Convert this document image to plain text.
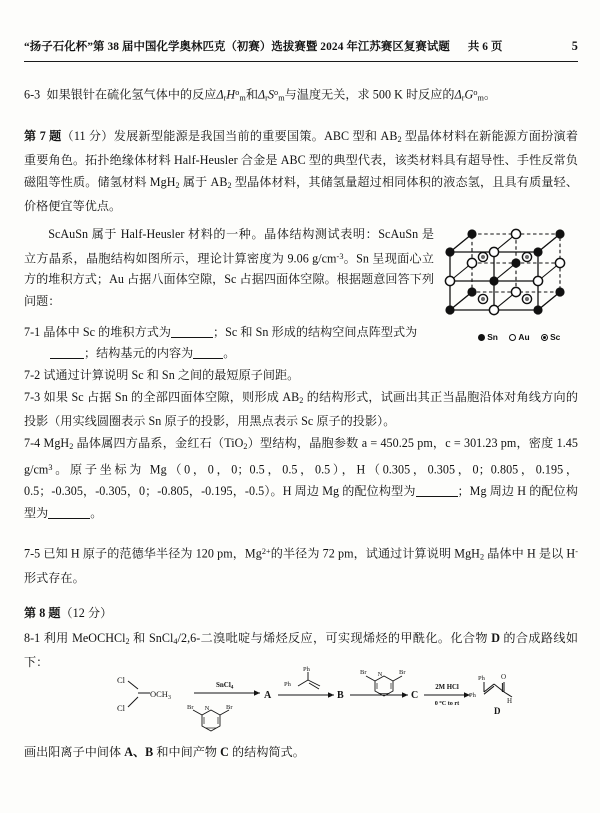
“扬子石化杯”第 38 届中国化学奥林匹克（初赛）选拔赛暨 2024 年江苏赛区复赛试题 共 6 页	5

6-3 如果银针在硫化氢气体中的反应$\Delta_rH^o_m$和$\Delta_rS^o_m$与温度无关，求 500 K 时反应的$\Delta_rG^o_m$。

第 7 题（11 分）发展新型能源是我国当前的重要国策。ABC 型和 $AB_2$ 型晶体材料在新能源方面扮演着重要角色。拓扑绝缘体材料 Half-Heusler 合金是 ABC 型的典型代表，该类材料具有超导性、手性反常负磁阻等性质。储氢材料 MgH$_2$ 属于 $AB_2$ 型晶体材料，其储氢量超过相同体积的液态氢，且具有质量轻、价格便宜等优点。

ScAuSn 属于 Half-Heusler 材料的一种。晶体结构测试表明：ScAuSn 是立方晶系，晶胞结构如图所示，理论计算密度为 9.06 $g/cm^{-3}$。Sn 呈现面心立方的堆积方式；Au 占据八面体空隙，Sc 占据四面体空隙。根据题意回答下列问题：

Sn Au Sc

7-1 晶体中 Sc 的堆积方式为	；Sc 和 Sn 形成的结构空间点阵型式为

；结构基元的内容为 。

7-2 试通过计算说明 Sc 和 Sn 之间的最短原子间距。

7-3 如果 Sc 占据 Sn 的全部四面体空隙，则形成 $AB_2$ 的结构形式，试画出其正当晶胞沿体对角线方向的投影（用实线圆圈表示 Sn 原子的投影，用黑点表示 Sc 原子的投影）。

7-4 MgH$_2$ 晶体属四方晶系，金红石（TiO$_2$）型结构，晶胞参数 a = 450.25 pm，c = 301.23 pm，密度 1.45 $g/cm^3$。原子坐标为 Mg（0，0，0；0.5，0.5，0.5），H（0.305，0.305，0；0.805，0.195，0.5；-0.305，-0.305，0；-0.805，-0.195，-0.5）。H 周边 Mg 的配位构型为	；Mg 周边 H 的配位构型为	。

7-5 已知 H 原子的范德华半径为 120 pm，$Mg^{2+}$的半径为 72 pm，试通过计算说明 MgH$_2$ 晶体中 H 是以 H- 形式存在。

第 8 题（12 分）

8-1 利用 MeOCHCl$_2$ 和 SnCl$_4$/2,6-二溴吡啶与烯烃反应，可实现烯烃的甲酰化。化合物 D 的合成路线如下：

Cl
Cl
$OCH_3$
SnCl$_4$
N
Br	Br
A
Ph
Ph
B
N
Br	Br
C
2M HCl
0 $^o$C to rt
Ph
Ph
O
H
D

画出阳离子中间体 A、B 和中间产物 C 的结构简式。
